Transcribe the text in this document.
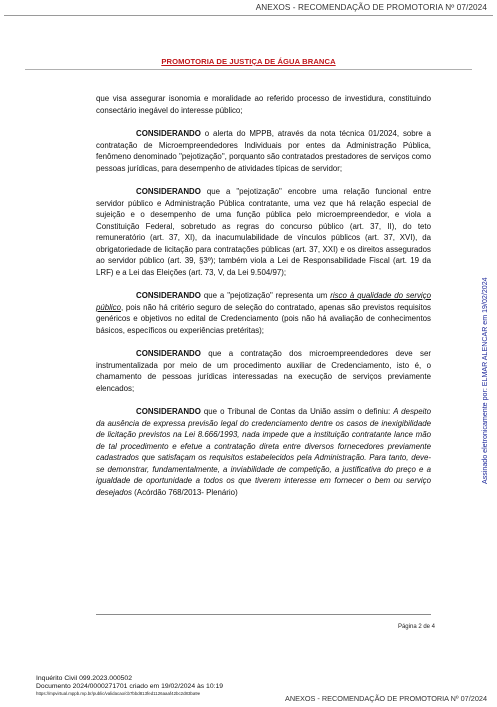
ANEXOS - RECOMENDAÇÃO DE PROMOTORIA Nº 07/2024
PROMOTORIA DE JUSTIÇA DE ÁGUA BRANCA

que visa assegurar isonomia e moralidade ao referido processo de investidura, constituindo consectário inegável do interesse público;

CONSIDERANDO o alerta do MPPB, através da nota técnica 01/2024, sobre a contratação de Microempreendedores Individuais por entes da Administração Pública, fenômeno denominado "pejotização", porquanto são contratados prestadores de serviços como pessoas jurídicas, para desempenho de atividades típicas de servidor;

CONSIDERANDO que a "pejotização" encobre uma relação funcional entre servidor público e Administração Pública contratante, uma vez que há relação especial de sujeição e o desempenho de uma função pública pelo microempreendedor, e viola a Constituição Federal, sobretudo as regras do concurso público (art. 37, II), do teto remuneratório (art. 37, XI), da inacumulabilidade de vínculos públicos (art. 37, XVI), da obrigatoriedade de licitação para contratações públicas (art. 37, XXI) e os direitos assegurados ao servidor público (art. 39, §3º); também viola a Lei de Responsabilidade Fiscal (art. 19 da LRF) e a Lei das Eleições (art. 73, V, da Lei 9.504/97);

CONSIDERANDO que a "pejotização" representa um risco à qualidade do serviço público, pois não há critério seguro de seleção do contratado, apenas são previstos requisitos genéricos e objetivos no edital de Credenciamento (pois não há avaliação de conhecimentos básicos, específicos ou experiências pretéritas);

CONSIDERANDO que a contratação dos microempreendedores deve ser instrumentalizada por meio de um procedimento auxiliar de Credenciamento, isto é, o chamamento de pessoas jurídicas interessadas na execução de serviços previamente elencados;

CONSIDERANDO que o Tribunal de Contas da União assim o definiu: A despeito da ausência de expressa previsão legal do credenciamento dentre os casos de inexigibilidade de licitação previstos na Lei 8.666/1993, nada impede que a instituição contratante lance mão de tal procedimento e efetue a contratação direta entre diversos fornecedores previamente cadastrados que satisfaçam os requisitos estabelecidos pela Administração. Para tanto, deve-se demonstrar, fundamentalmente, a inviabilidade de competição, a justificativa do preço e a igualdade de oportunidade a todos os que tiverem interesse em fornecer o bem ou serviço desejados (Acórdão 768/2013- Plenário)

Assinado eletronicamente por: ELMAR ALENCAR em 19/02/2024
Página 2 de 4
Inquérito Civil 099.2023.000502
Documento 2024/0000271701 criado em 19/02/2024 às 10:19
https://mpvirtual.mppb.mp.br/public/validacao/cb7bbd813fed1126aaaf42bc2d83ba9e
ANEXOS - RECOMENDAÇÃO DE PROMOTORIA Nº 07/2024
